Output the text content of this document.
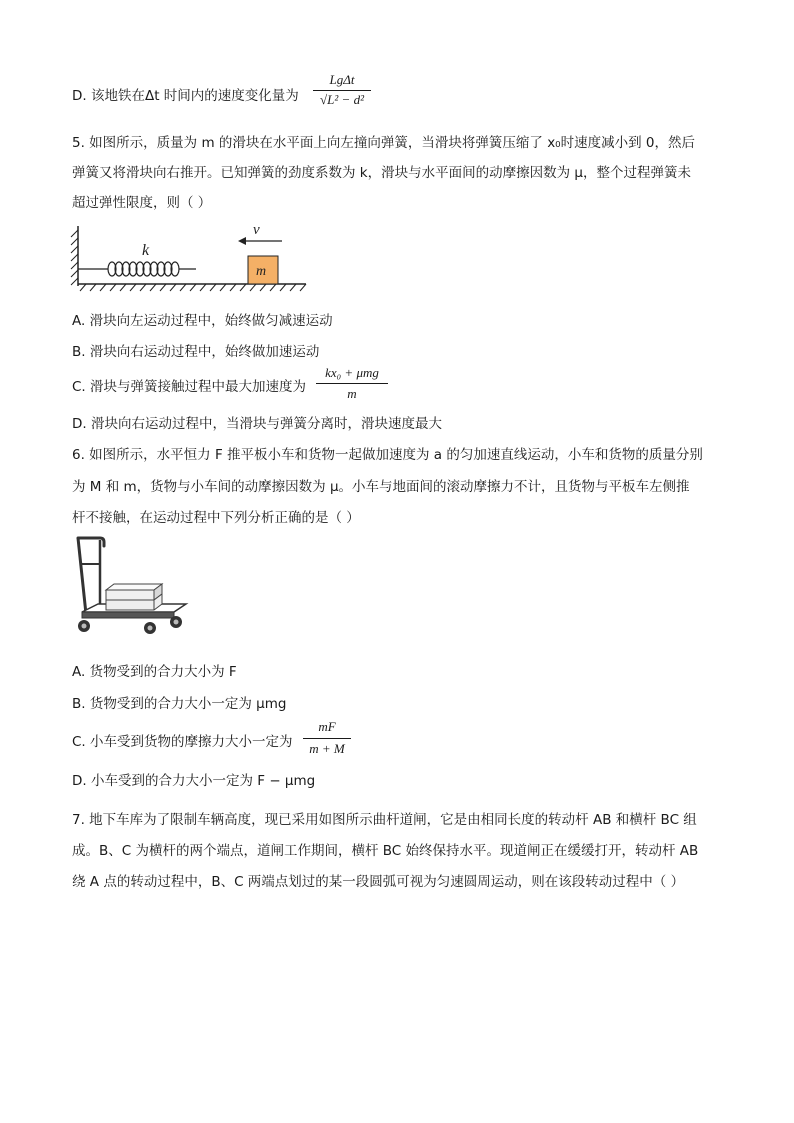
D. 该地铁在Δt 时间内的速度变化量为
LgΔt
√L² − d²
5. 如图所示，质量为 m 的滑块在水平面上向左撞向弹簧，当滑块将弹簧压缩了 x₀时速度减小到 0，然后
弹簧又将滑块向右推开。已知弹簧的劲度系数为 k，滑块与水平面间的动摩擦因数为 μ，整个过程弹簧未
超过弹性限度，则（ ）
k
m
v
A. 滑块向左运动过程中，始终做匀减速运动
B. 滑块向右运动过程中，始终做加速运动
C. 滑块与弹簧接触过程中最大加速度为
kx₀ + μmg
m
D. 滑块向右运动过程中，当滑块与弹簧分离时，滑块速度最大
6. 如图所示，水平恒力 F 推平板小车和货物一起做加速度为 a 的匀加速直线运动，小车和货物的质量分别
为 M 和 m，货物与小车间的动摩擦因数为 μ。小车与地面间的滚动摩擦力不计，且货物与平板车左侧推
杆不接触，在运动过程中下列分析正确的是（ ）
A. 货物受到的合力大小为 F
B. 货物受到的合力大小一定为 μmg
C. 小车受到货物的摩擦力大小一定为
mF
m + M
D. 小车受到的合力大小一定为 F − μmg
7. 地下车库为了限制车辆高度，现已采用如图所示曲杆道闸，它是由相同长度的转动杆 AB 和横杆 BC 组
成。B、C 为横杆的两个端点，道闸工作期间，横杆 BC 始终保持水平。现道闸正在缓缓打开，转动杆 AB
绕 A 点的转动过程中，B、C 两端点划过的某一段圆弧可视为匀速圆周运动，则在该段转动过程中（ ）
